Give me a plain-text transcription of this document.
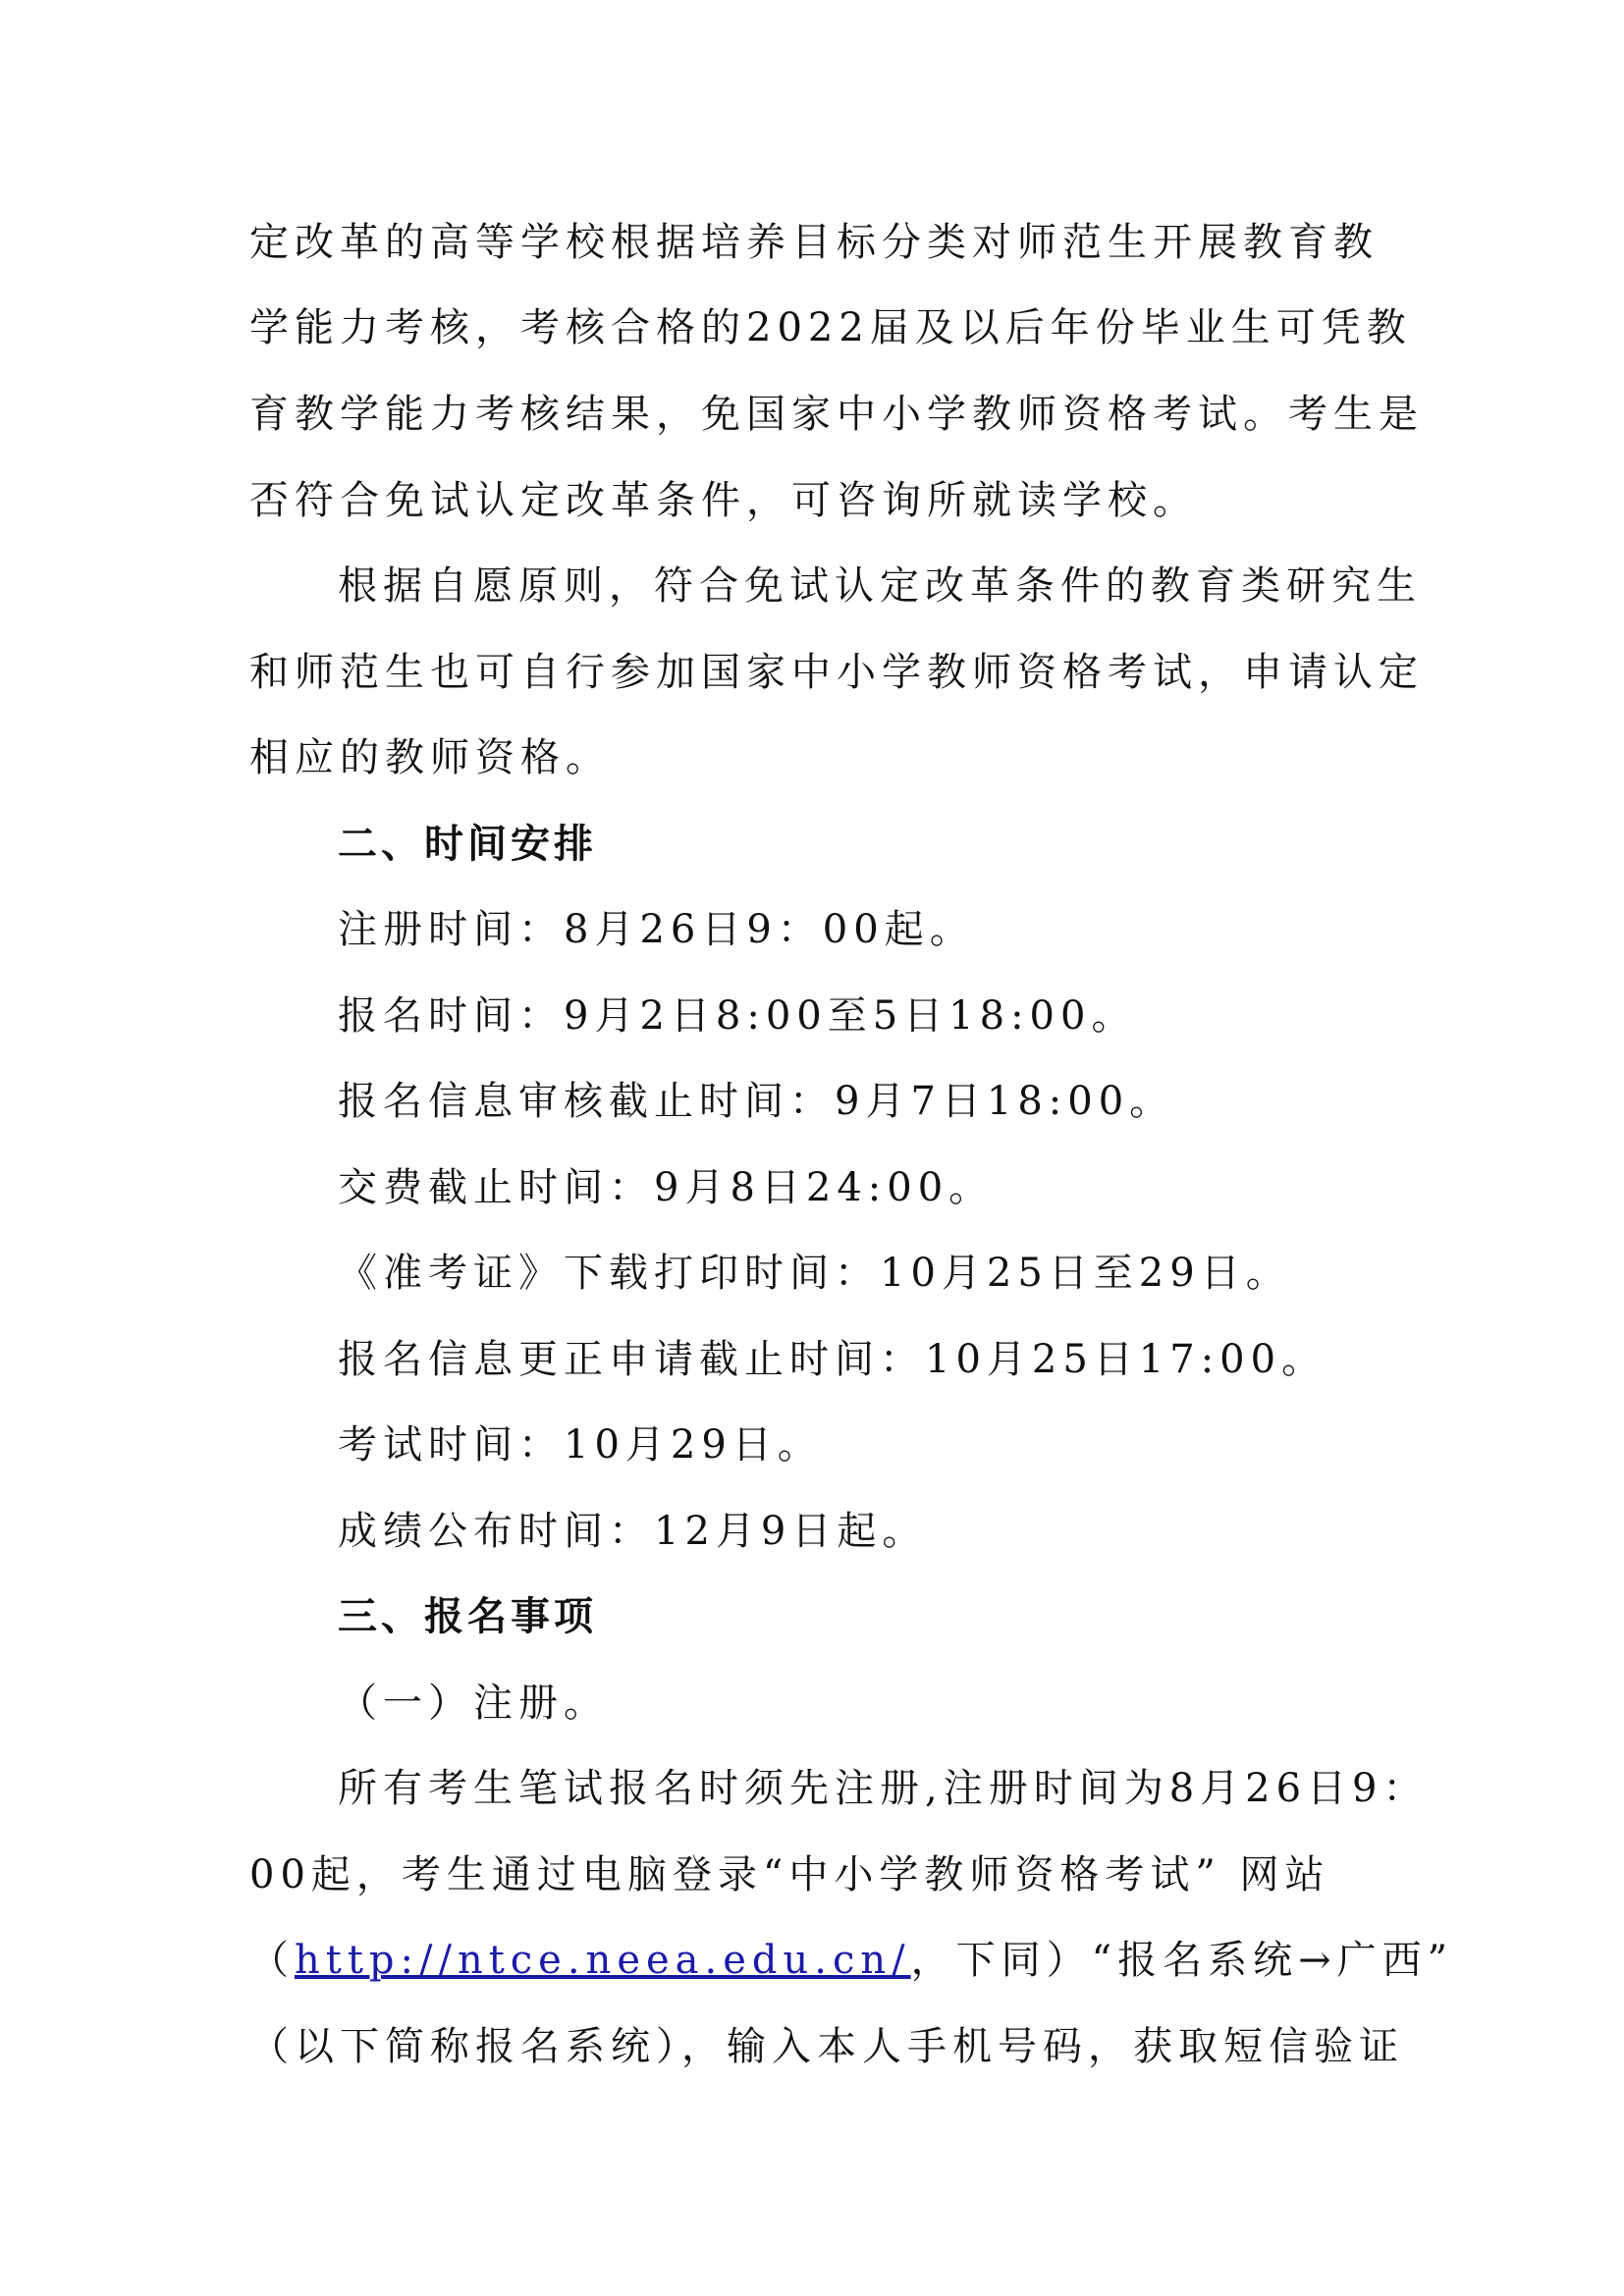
定改革的高等学校根据培养目标分类对师范生开展教育教
学能力考核，考核合格的2022届及以后年份毕业生可凭教
育教学能力考核结果，免国家中小学教师资格考试。考生是
否符合免试认定改革条件，可咨询所就读学校。
根据自愿原则，符合免试认定改革条件的教育类研究生
和师范生也可自行参加国家中小学教师资格考试，申请认定
相应的教师资格。
二、时间安排
注册时间：8月26日9：00起。
报名时间：9月2日8:00至5日18:00。
报名信息审核截止时间：9月7日18:00。
交费截止时间：9月8日24:00。
《准考证》下载打印时间：10月25日至29日。
报名信息更正申请截止时间：10月25日17:00。
考试时间：10月29日。
成绩公布时间：12月9日起。
三、报名事项
（一）注册。
所有考生笔试报名时须先注册,注册时间为8月26日9：
00起，考生通过电脑登录“中小学教师资格考试” 网站
（http://ntce.neea.edu.cn/，下同）“报名系统→广西”
（以下简称报名系统），输入本人手机号码，获取短信验证
